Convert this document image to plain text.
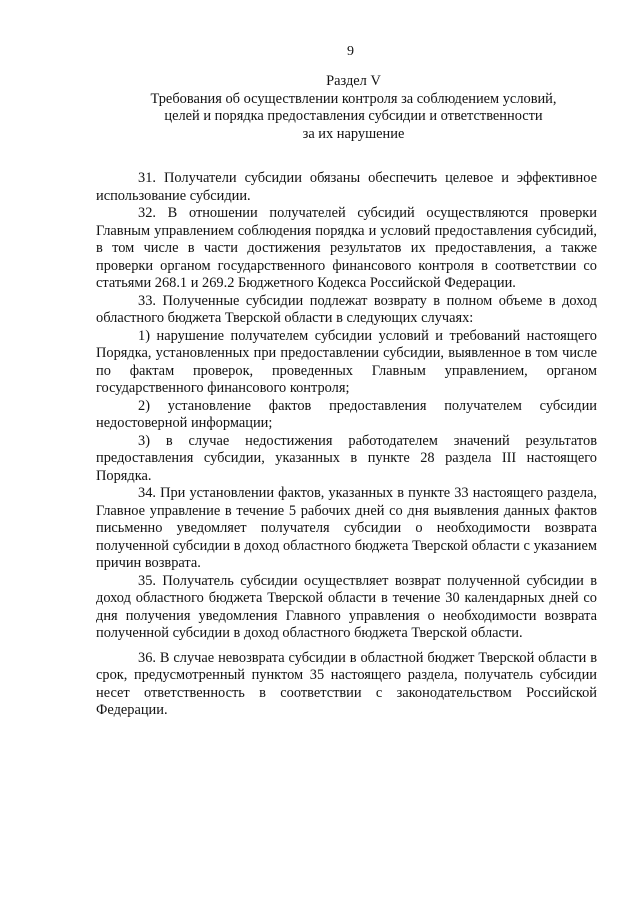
9
Раздел V
Требования об осуществлении контроля за соблюдением условий,
целей и порядка предоставления субсидии и ответственности
за их нарушение

31. Получатели субсидии обязаны обеспечить целевое и эффективное использование субсидии.

32. В отношении получателей субсидий осуществляются проверки Главным управлением соблюдения порядка и условий предоставления субсидий, в том числе в части достижения результатов их предоставления, а также проверки органом государственного финансового контроля в соответствии со статьями 268.1 и 269.2 Бюджетного Кодекса Российской Федерации.

33. Полученные субсидии подлежат возврату в полном объеме в доход областного бюджета Тверской области в следующих случаях:

1) нарушение получателем субсидии условий и требований настоящего Порядка, установленных при предоставлении субсидии, выявленное в том числе по фактам проверок, проведенных Главным управлением, органом государственного финансового контроля;

2) установление фактов предоставления получателем субсидии недостоверной информации;

3) в случае недостижения работодателем значений результатов предоставления субсидии, указанных в пункте 28 раздела III настоящего Порядка.

34. При установлении фактов, указанных в пункте 33 настоящего раздела, Главное управление в течение 5 рабочих дней со дня выявления данных фактов письменно уведомляет получателя субсидии о необходимости возврата полученной субсидии в доход областного бюджета Тверской области с указанием причин возврата.

35. Получатель субсидии осуществляет возврат полученной субсидии в доход областного бюджета Тверской области в течение 30 календарных дней со дня получения уведомления Главного управления о необходимости возврата полученной субсидии в доход областного бюджета Тверской области.

36. В случае невозврата субсидии в областной бюджет Тверской области в срок, предусмотренный пунктом 35 настоящего раздела, получатель субсидии несет ответственность в соответствии с законодательством Российской Федерации.
